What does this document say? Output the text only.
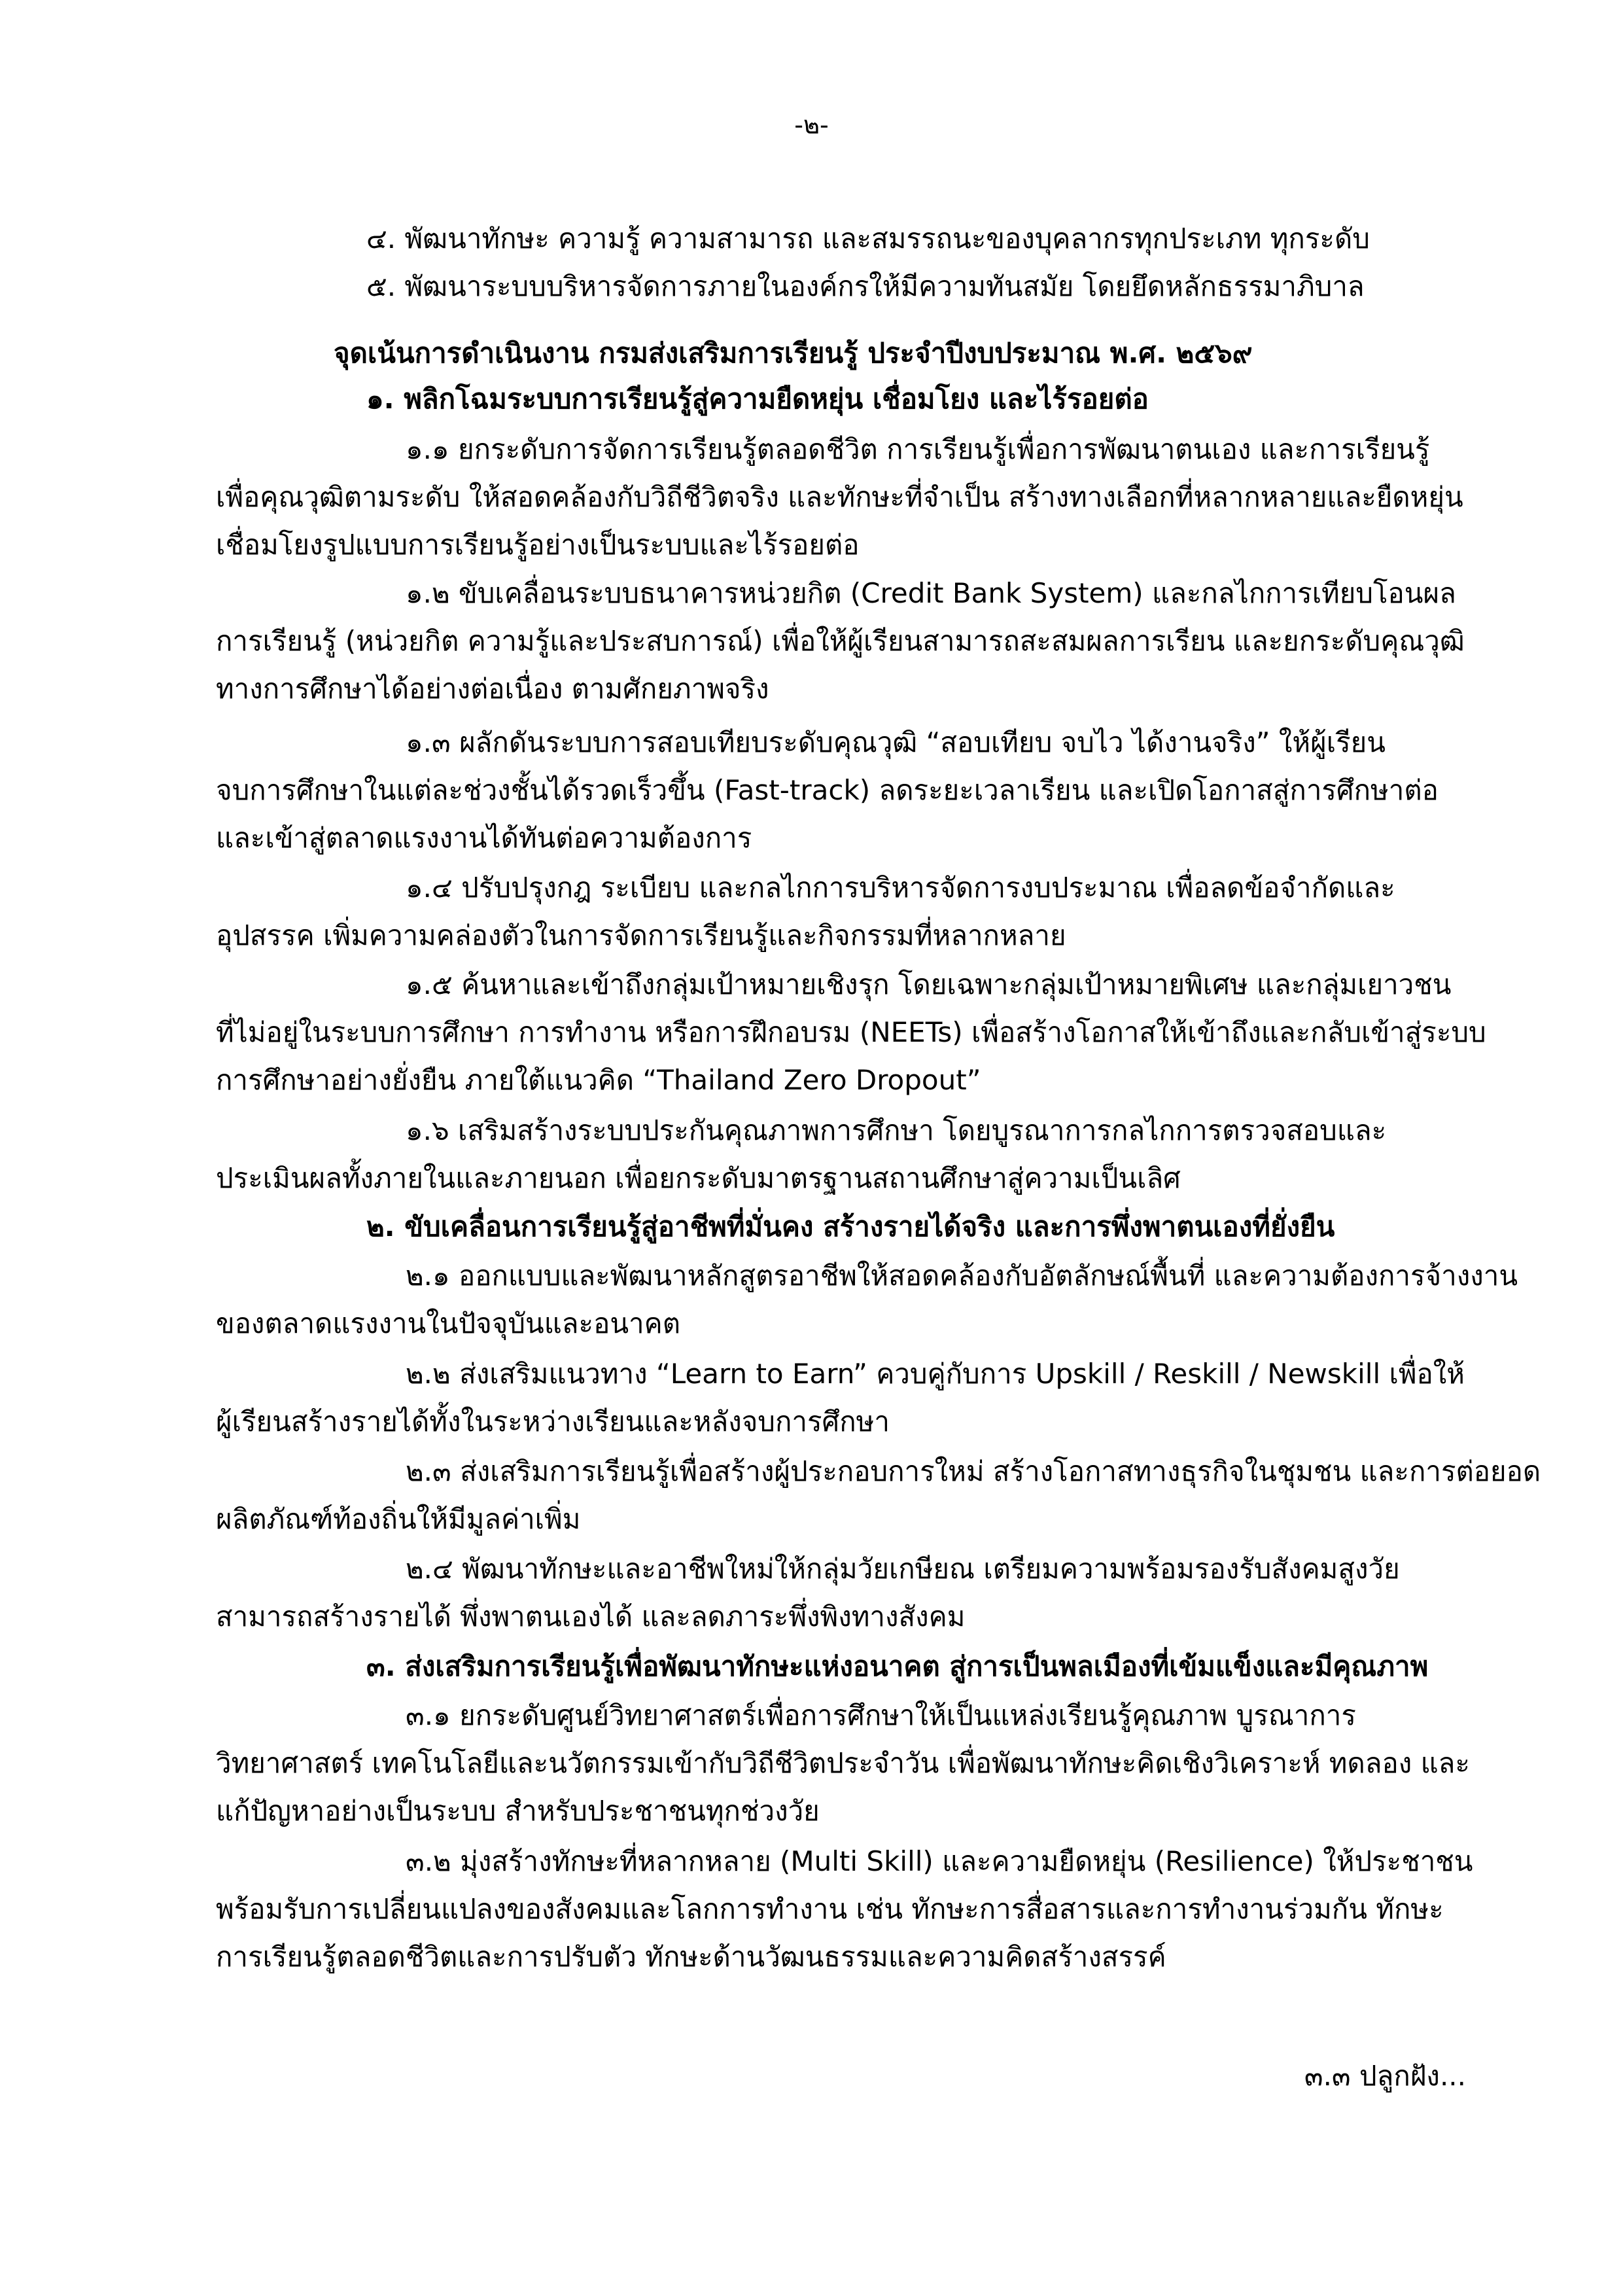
-๒-
๔. พัฒนาทักษะ ความรู้ ความสามารถ และสมรรถนะของบุคลากรทุกประเภท ทุกระดับ
๕. พัฒนาระบบบริหารจัดการภายในองค์กรให้มีความทันสมัย โดยยึดหลักธรรมาภิบาล
จุดเน้นการดำเนินงาน กรมส่งเสริมการเรียนรู้ ประจำปีงบประมาณ พ.ศ. ๒๕๖๙
๑. พลิกโฉมระบบการเรียนรู้สู่ความยืดหยุ่น เชื่อมโยง และไร้รอยต่อ
๑.๑ ยกระดับการจัดการเรียนรู้ตลอดชีวิต การเรียนรู้เพื่อการพัฒนาตนเอง และการเรียนรู้
เพื่อคุณวุฒิตามระดับ ให้สอดคล้องกับวิถีชีวิตจริง และทักษะที่จำเป็น สร้างทางเลือกที่หลากหลายและยืดหยุ่น
เชื่อมโยงรูปแบบการเรียนรู้อย่างเป็นระบบและไร้รอยต่อ
๑.๒ ขับเคลื่อนระบบธนาคารหน่วยกิต (Credit Bank System) และกลไกการเทียบโอนผล
การเรียนรู้ (หน่วยกิต ความรู้และประสบการณ์) เพื่อให้ผู้เรียนสามารถสะสมผลการเรียน และยกระดับคุณวุฒิ
ทางการศึกษาได้อย่างต่อเนื่อง ตามศักยภาพจริง
๑.๓ ผลักดันระบบการสอบเทียบระดับคุณวุฒิ “สอบเทียบ จบไว ได้งานจริง” ให้ผู้เรียน
จบการศึกษาในแต่ละช่วงชั้นได้รวดเร็วขึ้น (Fast-track) ลดระยะเวลาเรียน และเปิดโอกาสสู่การศึกษาต่อ
และเข้าสู่ตลาดแรงงานได้ทันต่อความต้องการ
๑.๔ ปรับปรุงกฎ ระเบียบ และกลไกการบริหารจัดการงบประมาณ เพื่อลดข้อจำกัดและ
อุปสรรค เพิ่มความคล่องตัวในการจัดการเรียนรู้และกิจกรรมที่หลากหลาย
๑.๕ ค้นหาและเข้าถึงกลุ่มเป้าหมายเชิงรุก โดยเฉพาะกลุ่มเป้าหมายพิเศษ และกลุ่มเยาวชน
ที่ไม่อยู่ในระบบการศึกษา การทำงาน หรือการฝึกอบรม (NEETs) เพื่อสร้างโอกาสให้เข้าถึงและกลับเข้าสู่ระบบ
การศึกษาอย่างยั่งยืน ภายใต้แนวคิด “Thailand Zero Dropout”
๑.๖ เสริมสร้างระบบประกันคุณภาพการศึกษา โดยบูรณาการกลไกการตรวจสอบและ
ประเมินผลทั้งภายในและภายนอก เพื่อยกระดับมาตรฐานสถานศึกษาสู่ความเป็นเลิศ
๒. ขับเคลื่อนการเรียนรู้สู่อาชีพที่มั่นคง สร้างรายได้จริง และการพึ่งพาตนเองที่ยั่งยืน
๒.๑ ออกแบบและพัฒนาหลักสูตรอาชีพให้สอดคล้องกับอัตลักษณ์พื้นที่ และความต้องการจ้างงาน
ของตลาดแรงงานในปัจจุบันและอนาคต
๒.๒ ส่งเสริมแนวทาง “Learn to Earn” ควบคู่กับการ Upskill / Reskill / Newskill เพื่อให้
ผู้เรียนสร้างรายได้ทั้งในระหว่างเรียนและหลังจบการศึกษา
๒.๓ ส่งเสริมการเรียนรู้เพื่อสร้างผู้ประกอบการใหม่ สร้างโอกาสทางธุรกิจในชุมชน และการต่อยอด
ผลิตภัณฑ์ท้องถิ่นให้มีมูลค่าเพิ่ม
๒.๔ พัฒนาทักษะและอาชีพใหม่ให้กลุ่มวัยเกษียณ เตรียมความพร้อมรองรับสังคมสูงวัย
สามารถสร้างรายได้ พึ่งพาตนเองได้ และลดภาระพึ่งพิงทางสังคม
๓. ส่งเสริมการเรียนรู้เพื่อพัฒนาทักษะแห่งอนาคต สู่การเป็นพลเมืองที่เข้มแข็งและมีคุณภาพ
๓.๑ ยกระดับศูนย์วิทยาศาสตร์เพื่อการศึกษาให้เป็นแหล่งเรียนรู้คุณภาพ บูรณาการ
วิทยาศาสตร์ เทคโนโลยีและนวัตกรรมเข้ากับวิถีชีวิตประจำวัน เพื่อพัฒนาทักษะคิดเชิงวิเคราะห์ ทดลอง และ
แก้ปัญหาอย่างเป็นระบบ สำหรับประชาชนทุกช่วงวัย
๓.๒ มุ่งสร้างทักษะที่หลากหลาย (Multi Skill) และความยืดหยุ่น (Resilience) ให้ประชาชน
พร้อมรับการเปลี่ยนแปลงของสังคมและโลกการทำงาน เช่น ทักษะการสื่อสารและการทำงานร่วมกัน ทักษะ
การเรียนรู้ตลอดชีวิตและการปรับตัว ทักษะด้านวัฒนธรรมและความคิดสร้างสรรค์
๓.๓ ปลูกฝัง...
